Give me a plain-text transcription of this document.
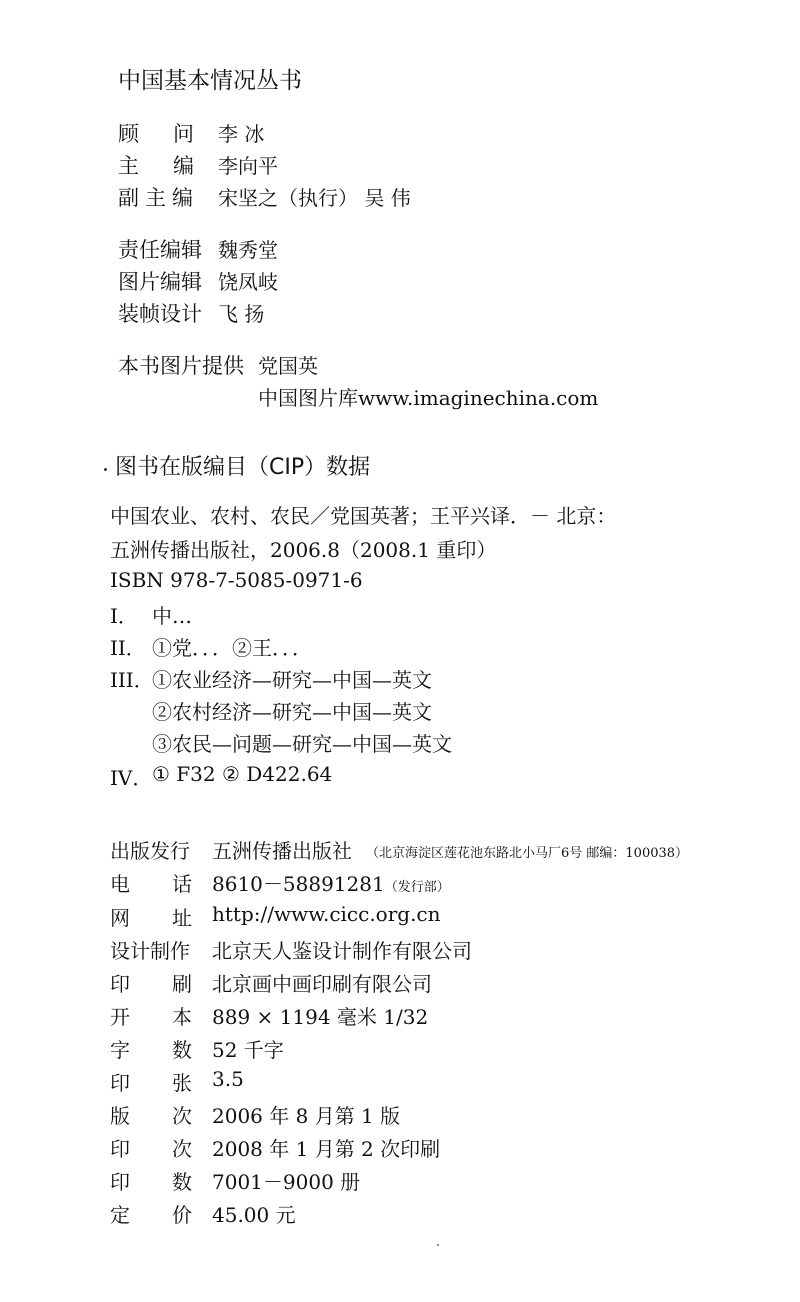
中国基本情况丛书
顾 问 李 冰
主 编 李向平
副 主 编 宋坚之（执行） 吴 伟
责任编辑 魏秀堂
图片编辑 饶凤岐
装帧设计 飞 扬
本书图片提供 党国英
中国图片库www.imaginechina.com
图书在版编目（CIP）数据
中国农业、农村、农民／党国英著；王平兴译．－ 北京：
五洲传播出版社，2006.8（2008.1 重印）
ISBN 978-7-5085-0971-6
I． 中…
II． ①党．．．②王．．．
III．
①农业经济—研究—中国—英文
②农村经济—研究—中国—英文
③农民—问题—研究—中国—英文
IV． ① F32 ② D422.64
出版发行 五洲传播出版社 （北京海淀区莲花池东路北小马厂6号 邮编：100038）
电 话 8610－58891281（发行部）
网 址 http://www.cicc.org.cn
设计制作 北京天人鉴设计制作有限公司
印 刷 北京画中画印刷有限公司
开 本 889 × 1194 毫米 1/32
字 数 52 千字
印 张 3.5
版 次 2006 年 8 月第 1 版
印 次 2008 年 1 月第 2 次印刷
印 数 7001－9000 册
定 价 45.00 元
